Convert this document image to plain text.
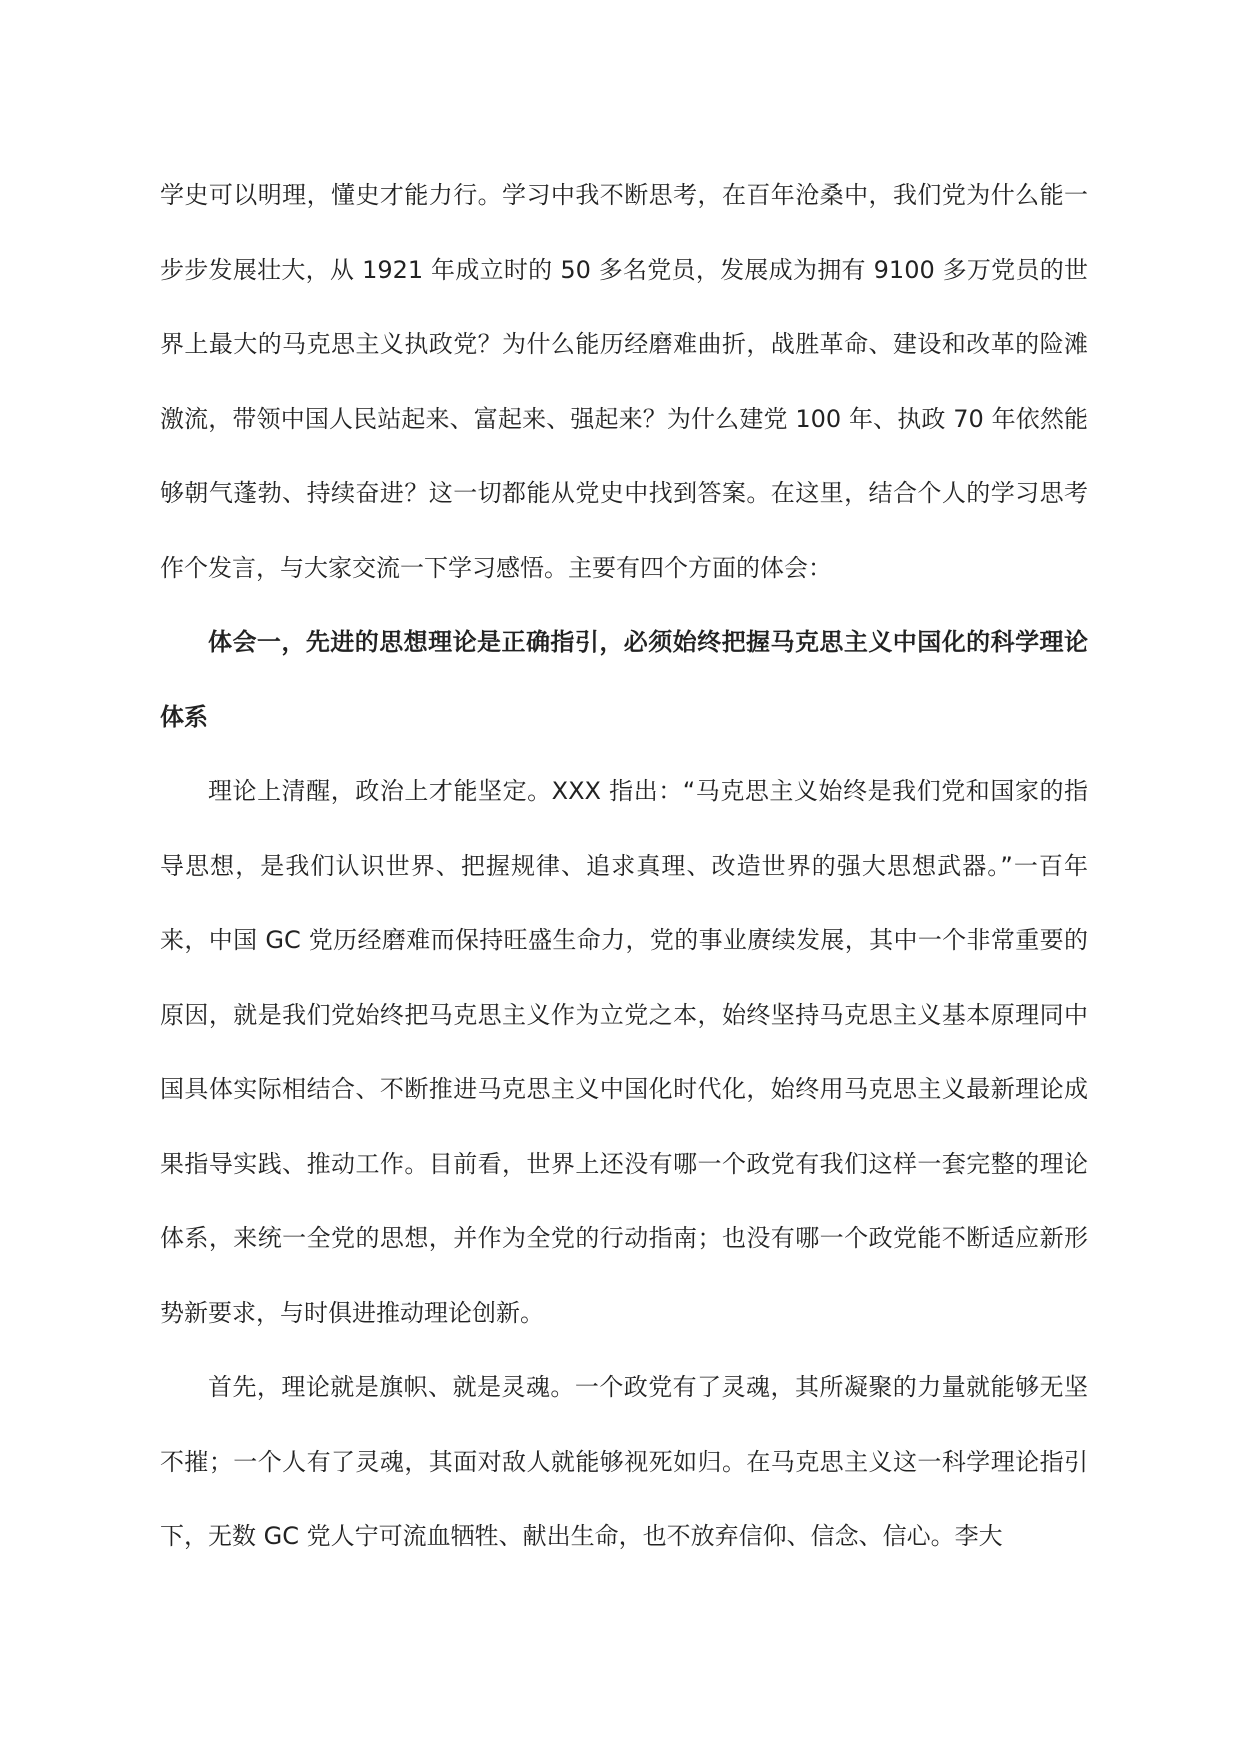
学史可以明理，懂史才能力行。学习中我不断思考，在百年沧桑中，我们党为什么能一步步发展壮大，从 1921 年成立时的 50 多名党员，发展成为拥有 9100 多万党员的世界上最大的马克思主义执政党？为什么能历经磨难曲折，战胜革命、建设和改革的险滩激流，带领中国人民站起来、富起来、强起来？为什么建党 100 年、执政 70 年依然能够朝气蓬勃、持续奋进？这一切都能从党史中找到答案。在这里，结合个人的学习思考作个发言，与大家交流一下学习感悟。主要有四个方面的体会：

体会一，先进的思想理论是正确指引，必须始终把握马克思主义中国化的科学理论体系

理论上清醒，政治上才能坚定。XXX 指出：“马克思主义始终是我们党和国家的指导思想，是我们认识世界、把握规律、追求真理、改造世界的强大思想武器。”一百年来，中国 GC 党历经磨难而保持旺盛生命力，党的事业赓续发展，其中一个非常重要的原因，就是我们党始终把马克思主义作为立党之本，始终坚持马克思主义基本原理同中国具体实际相结合、不断推进马克思主义中国化时代化，始终用马克思主义最新理论成果指导实践、推动工作。目前看，世界上还没有哪一个政党有我们这样一套完整的理论体系，来统一全党的思想，并作为全党的行动指南；也没有哪一个政党能不断适应新形势新要求，与时俱进推动理论创新。

首先，理论就是旗帜、就是灵魂。一个政党有了灵魂，其所凝聚的力量就能够无坚不摧；一个人有了灵魂，其面对敌人就能够视死如归。在马克思主义这一科学理论指引下，无数 GC 党人宁可流血牺牲、献出生命，也不放弃信仰、信念、信心。李大
